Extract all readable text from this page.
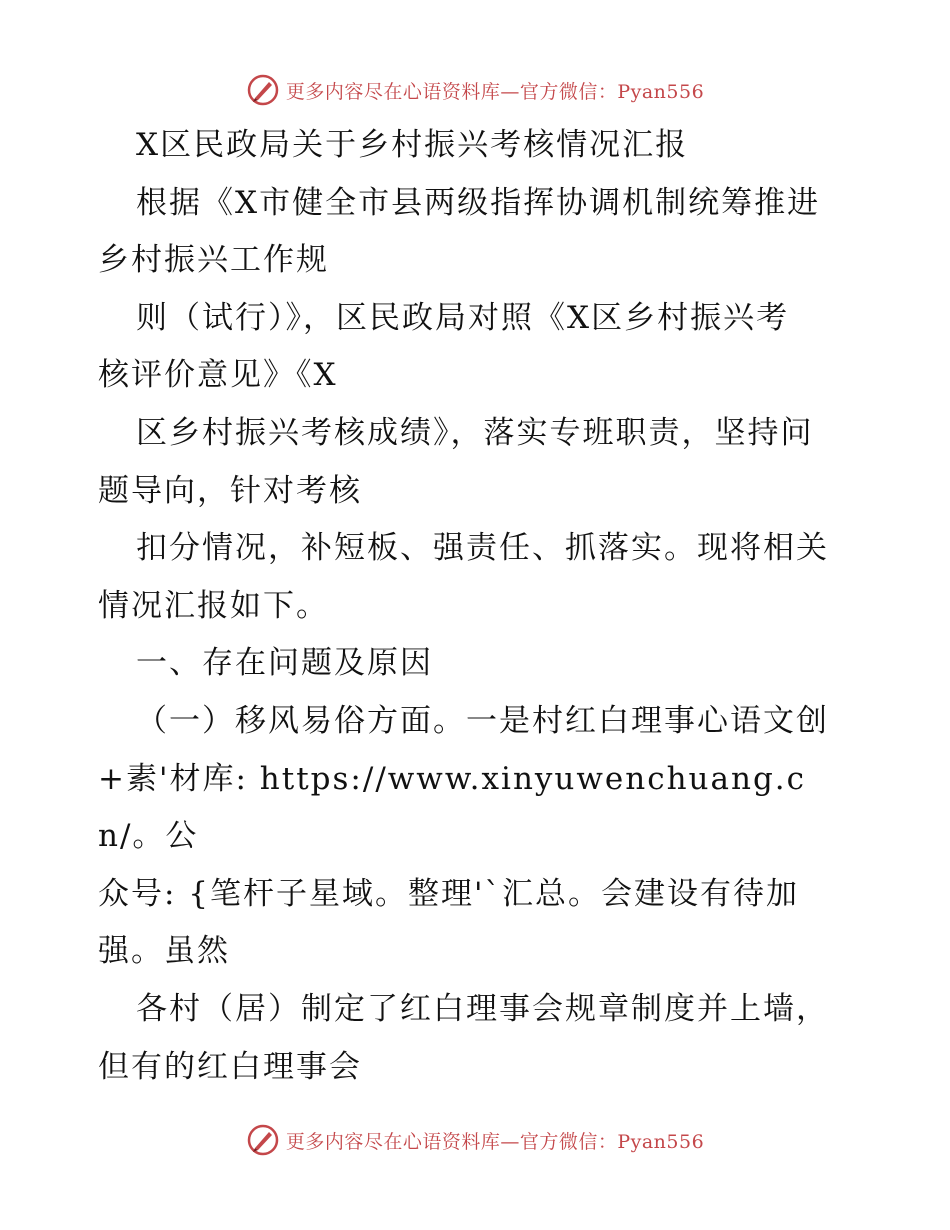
更多内容尽在心语资料库—官方微信：Pyan556

X区民政局关于乡村振兴考核情况汇报

根据《X市健全市县两级指挥协调机制统筹推进

乡村振兴工作规

则（试行）》，区民政局对照《X区乡村振兴考

核评价意见》《X

区乡村振兴考核成绩》，落实专班职责，坚持问

题导向，针对考核

扣分情况，补短板、强责任、抓落实。现将相关

情况汇报如下。

一、存在问题及原因

（一）移风易俗方面。一是村红白理事心语文创

+素'材库: https://www.xinyuwenchuang.cn/。公

众号: {笔杆子星域。整理'`汇总。会建设有待加

强。虽然

各村（居）制定了红白理事会规章制度并上墙，

但有的红白理事会

更多内容尽在心语资料库—官方微信：Pyan556
